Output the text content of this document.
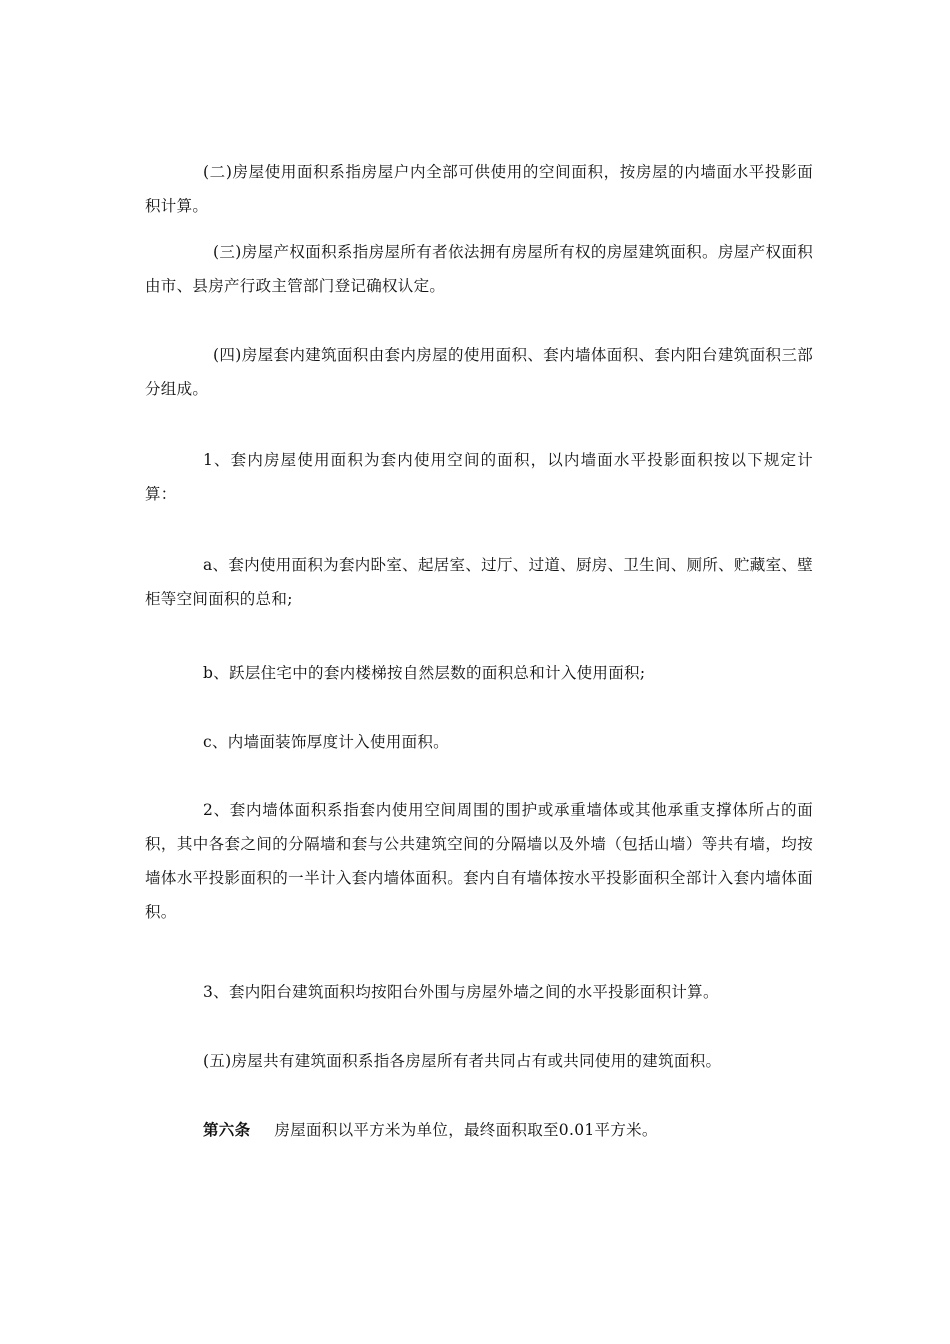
(二)房屋使用面积系指房屋户内全部可供使用的空间面积，按房屋的内墙面水平投影面积计算。

(三)房屋产权面积系指房屋所有者依法拥有房屋所有权的房屋建筑面积。房屋产权面积由市、县房产行政主管部门登记确权认定。

(四)房屋套内建筑面积由套内房屋的使用面积、套内墙体面积、套内阳台建筑面积三部分组成。

1、套内房屋使用面积为套内使用空间的面积，以内墙面水平投影面积按以下规定计算：

a、套内使用面积为套内卧室、起居室、过厅、过道、厨房、卫生间、厕所、贮藏室、壁柜等空间面积的总和;

b、跃层住宅中的套内楼梯按自然层数的面积总和计入使用面积;

c、内墙面装饰厚度计入使用面积。

2、套内墙体面积系指套内使用空间周围的围护或承重墙体或其他承重支撑体所占的面积，其中各套之间的分隔墙和套与公共建筑空间的分隔墙以及外墙（包括山墙）等共有墙，均按墙体水平投影面积的一半计入套内墙体面积。套内自有墙体按水平投影面积全部计入套内墙体面积。

3、套内阳台建筑面积均按阳台外围与房屋外墙之间的水平投影面积计算。

(五)房屋共有建筑面积系指各房屋所有者共同占有或共同使用的建筑面积。

第六条 房屋面积以平方米为单位，最终面积取至0.01平方米。
